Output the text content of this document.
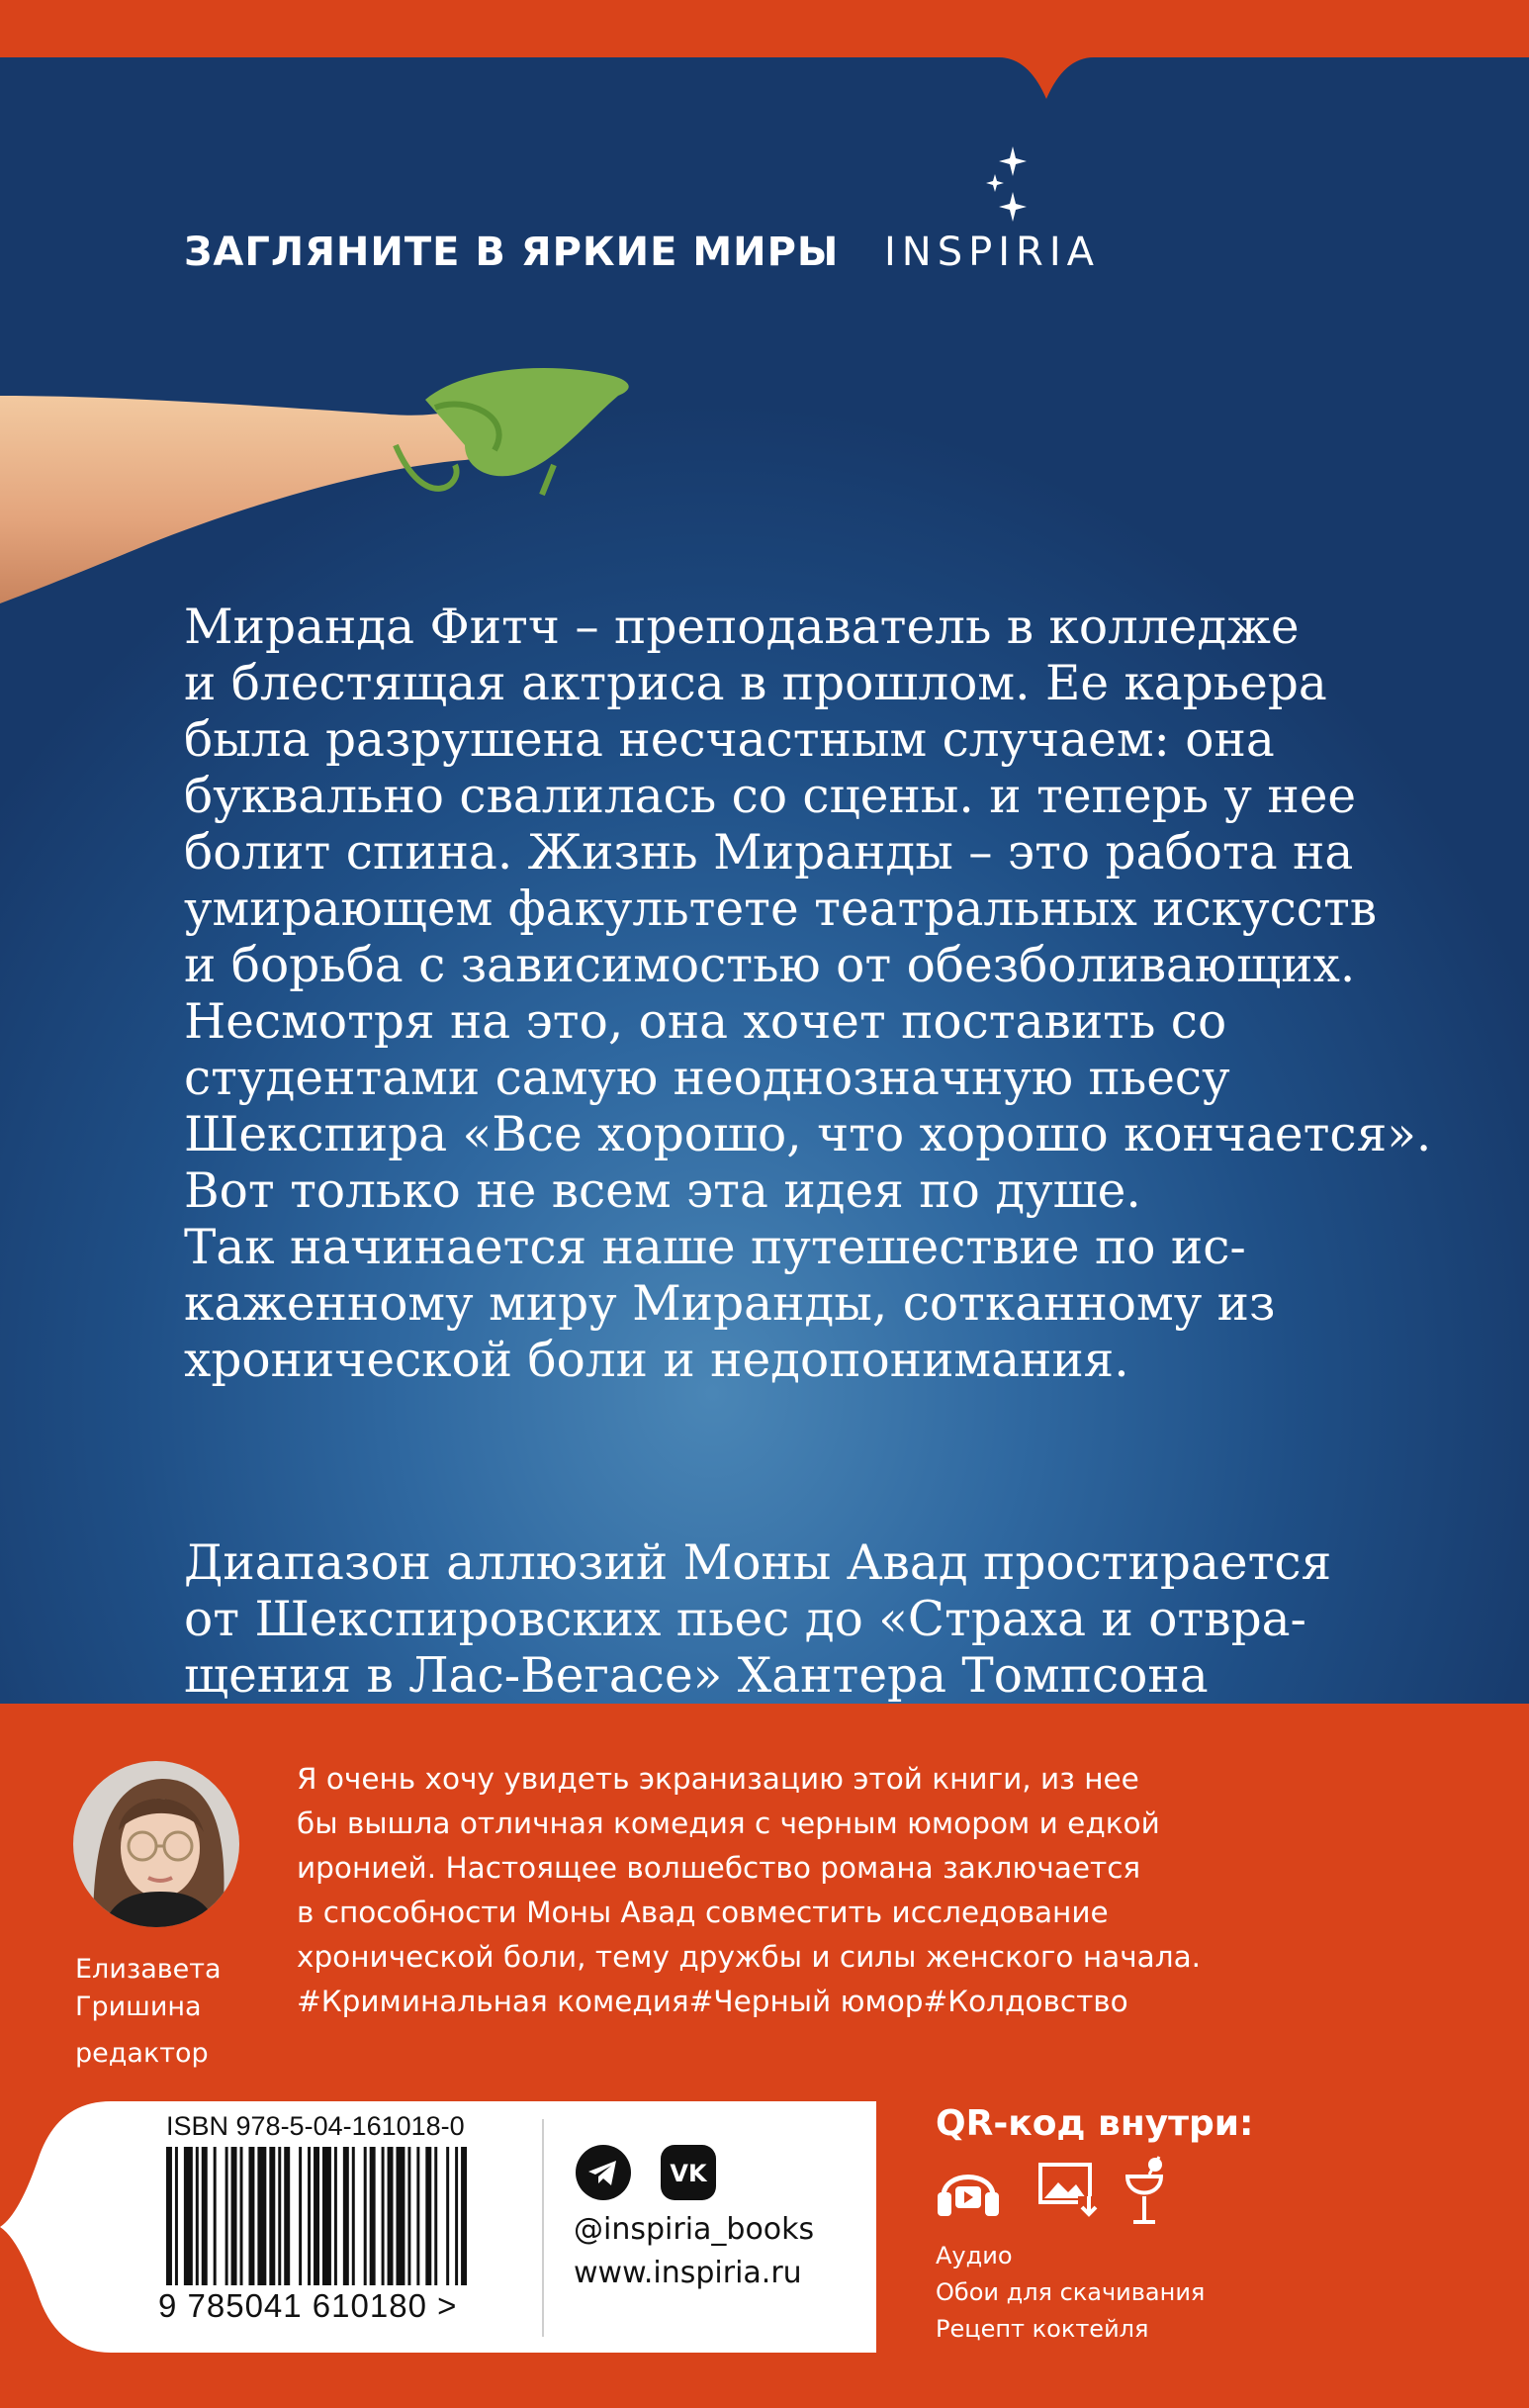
ЗАГЛЯНИТЕ В ЯРКИЕ МИРЫ INSPIRIA

Миранда Фитч – преподаватель в колледже

и блестящая актриса в прошлом. Ее карьера

была разрушена несчастным случаем: она

буквально свалилась со сцены. и теперь у нее

болит спина. Жизнь Миранды – это работа на

умирающем факультете театральных искусств

и борьба с зависимостью от обезболивающих.

Несмотря на это, она хочет поставить со

студентами самую неоднозначную пьесу

Шекспира «Все хорошо, что хорошо кончается».

Вот только не всем эта идея по душе.

Так начинается наше путешествие по ис-

каженному миру Миранды, сотканному из

хронической боли и недопонимания.

Диапазон аллюзий Моны Авад простирается

от Шекспировских пьес до «Страха и отвра-

щения в Лас-Вегасе» Хантера Томпсона

Елизавета
Гришина
редактор

Я очень хочу увидеть экранизацию этой книги, из нее

бы вышла отличная комедия с черным юмором и едкой

иронией. Настоящее волшебство романа заключается

в способности Моны Авад совместить исследование

хронической боли, тему дружбы и силы женского начала.

#Криминальная комедия#Черный юмор#Колдовство

ISBN 978-5-04-161018-0
9 785041 610180 >
VK
@inspiria_books
www.inspiria.ru
QR-код внутри:
Аудио
Обои для скачивания
Рецепт коктейля
